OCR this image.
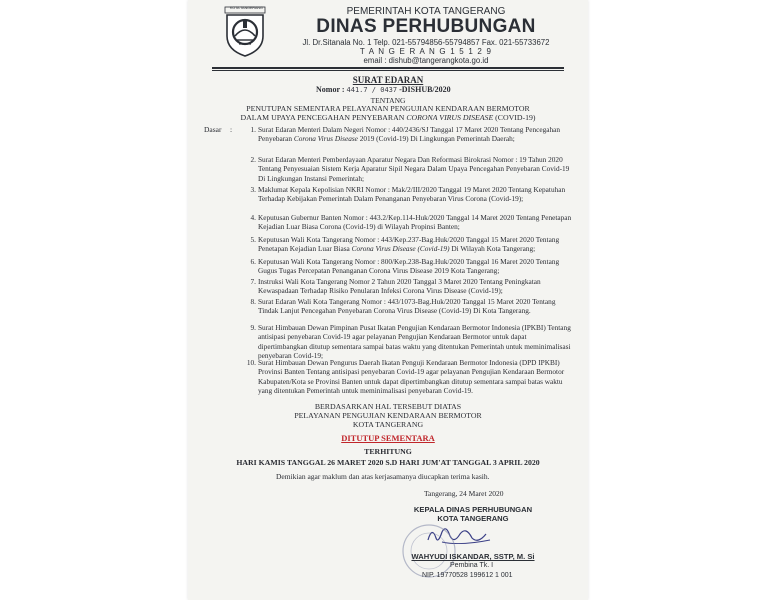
KOTA TANGERANG	PEMERINTAH KOTA TANGERANG
DINAS PERHUBUNGAN
Jl. Dr.Sitanala No. 1 Telp. 021-55794856-55794857 Fax. 021-55733672
T A N G E R A N G 1 5 1 2 9
email : dishub@tangerangkota.go.id
SURAT EDARAN
Nomor : 441.7 / 0437 -DISHUB/2020
TENTANG
PENUTUPAN SEMENTARA PELAYANAN PENGUJIAN KENDARAAN BERMOTOR
DALAM UPAYA PENCEGAHAN PENYEBARAN CORONA VIRUS DISEASE (COVID-19)
Dasar :	1. Surat Edaran Menteri Dalam Negeri Nomor : 440/2436/SJ Tanggal 17 Maret 2020 Tentang Pencegahan Penyebaran Corona Virus Disease 2019 (Covid-19) Di Lingkungan Pemerintah Daerah;
2. Surat Edaran Menteri Pemberdayaan Aparatur Negara Dan Reformasi Birokrasi Nomor : 19 Tahun 2020 Tentang Penyesuaian Sistem Kerja Aparatur Sipil Negara Dalam Upaya Pencegahan Penyebaran Covid-19 Di Lingkungan Instansi Pemerintah;
3. Maklumat Kepala Kepolisian NKRI Nomor : Mak/2/III/2020 Tanggal 19 Maret 2020 Tentang Kepatuhan Terhadap Kebijakan Pemerintah Dalam Penanganan Penyebaran Virus Corona (Covid-19);
4. Keputusan Gubernur Banten Nomor : 443.2/Kep.114-Huk/2020 Tanggal 14 Maret 2020 Tentang Penetapan Kejadian Luar Biasa Corona (Covid-19) di Wilayah Propinsi Banten;
5. Keputusan Wali Kota Tangerang Nomor : 443/Kep.237-Bag.Huk/2020 Tanggal 15 Maret 2020 Tentang Penetapan Kejadian Luar Biasa Corona Virus Disease (Covid-19) Di Wilayah Kota Tangerang;
6. Keputusan Wali Kota Tangerang Nomor : 800/Kep.238-Bag.Huk/2020 Tanggal 16 Maret 2020 Tentang Gugus Tugas Percepatan Penanganan Corona Virus Disease 2019 Kota Tangerang;
7. Instruksi Wali Kota Tangerang Nomor 2 Tahun 2020 Tanggal 3 Maret 2020 Tentang Peningkatan Kewaspadaan Terhadap Risiko Penularan Infeksi Corona Virus Disease (Covid-19);
8. Surat Edaran Wali Kota Tangerang Nomor : 443/1073-Bag.Huk/2020 Tanggal 15 Maret 2020 Tentang Tindak Lanjut Pencegahan Penyebaran Corona Virus Disease (Covid-19) Di Kota Tangerang.
9. Surat Himbauan Dewan Pimpinan Pusat Ikatan Pengujian Kendaraan Bermotor Indonesia (IPKBI) Tentang antisipasi penyebaran Covid-19 agar pelayanan Pengujian Kendaraan Bermotor untuk dapat dipertimbangkan ditutup sementara sampai batas waktu yang ditentukan Pemerintah untuk meminimalisasi penyebaran Covid-19;
10. Surat Himbauan Dewan Pengurus Daerah Ikatan Penguji Kendaraan Bermotor Indonesia (DPD IPKBI) Provinsi Banten Tentang antisipasi penyebaran Covid-19 agar pelayanan Pengujian Kendaraan Bermotor Kabupaten/Kota se Provinsi Banten untuk dapat dipertimbangkan ditutup sementara sampai batas waktu yang ditentukan Pemerintah untuk meminimalisasi penyebaran Covid-19.
BERDASARKAN HAL TERSEBUT DIATAS
PELAYANAN PENGUJIAN KENDARAAN BERMOTOR
KOTA TANGERANG
DITUTUP SEMENTARA
TERHITUNG
HARI KAMIS TANGGAL 26 MARET 2020 S.D HARI JUM'AT TANGGAL 3 APRIL 2020
Demikian agar maklum dan atas kerjasamanya diucapkan terima kasih.
Tangerang, 24 Maret 2020
KEPALA DINAS PERHUBUNGAN
KOTA TANGERANG
WAHYUDI ISKANDAR, SSTP, M. Si
Pembina Tk. I
NIP. 19770528 199612 1 001
